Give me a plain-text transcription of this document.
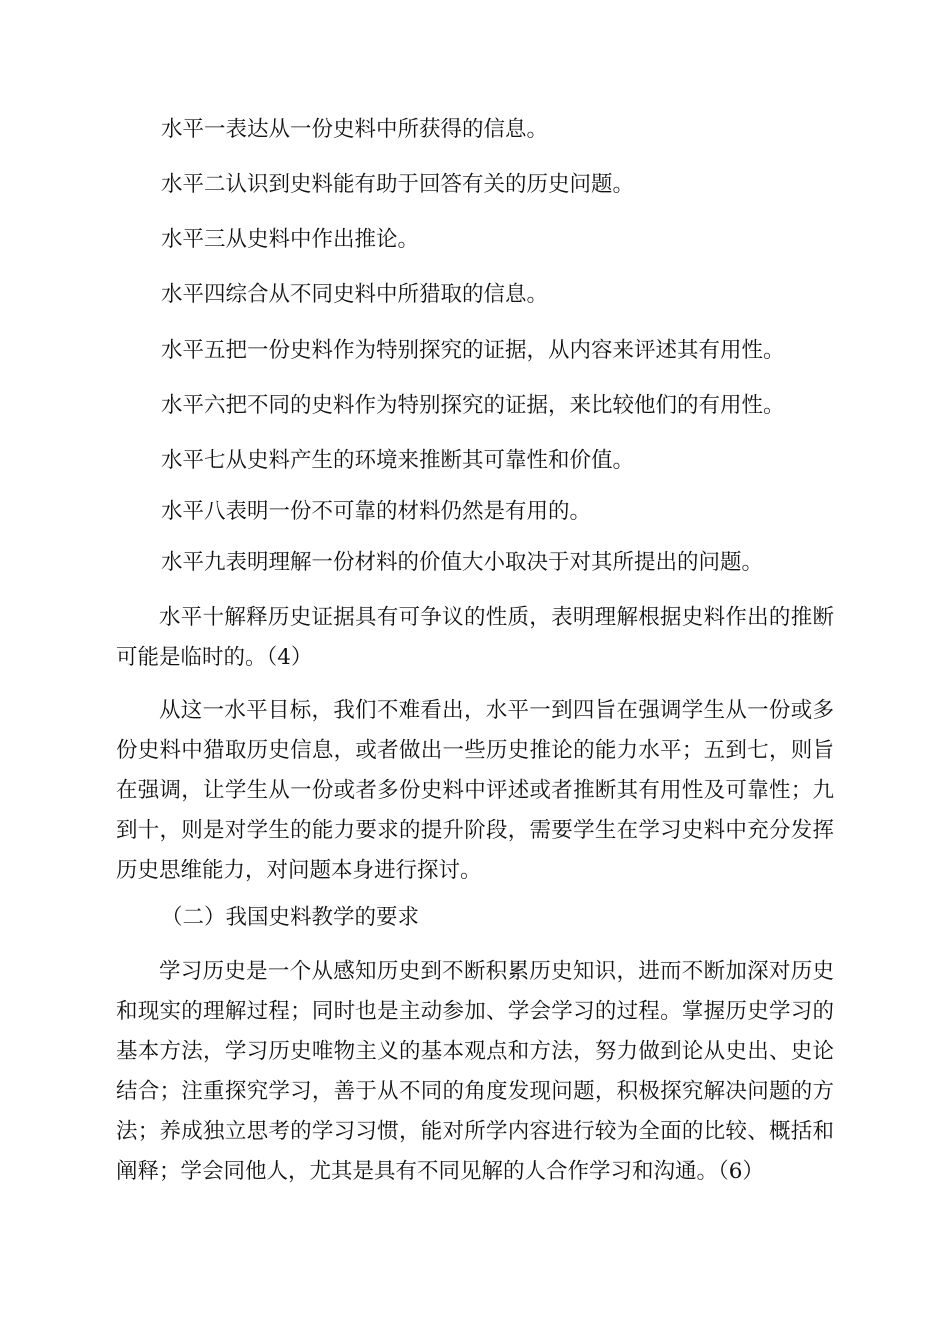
水平一表达从一份史料中所获得的信息。

水平二认识到史料能有助于回答有关的历史问题。

水平三从史料中作出推论。

水平四综合从不同史料中所猎取的信息。

水平五把一份史料作为特别探究的证据，从内容来评述其有用性。

水平六把不同的史料作为特别探究的证据，来比较他们的有用性。

水平七从史料产生的环境来推断其可靠性和价值。

水平八表明一份不可靠的材料仍然是有用的。

水平九表明理解一份材料的价值大小取决于对其所提出的问题。

水平十解释历史证据具有可争议的性质，表明理解根据史料作出的推断可能是临时的。（4）

从这一水平目标，我们不难看出，水平一到四旨在强调学生从一份或多份史料中猎取历史信息，或者做出一些历史推论的能力水平；五到七，则旨在强调，让学生从一份或者多份史料中评述或者推断其有用性及可靠性；九到十，则是对学生的能力要求的提升阶段，需要学生在学习史料中充分发挥历史思维能力，对问题本身进行探讨。

（二）我国史料教学的要求

学习历史是一个从感知历史到不断积累历史知识，进而不断加深对历史和现实的理解过程；同时也是主动参加、学会学习的过程。掌握历史学习的基本方法，学习历史唯物主义的基本观点和方法，努力做到论从史出、史论结合；注重探究学习，善于从不同的角度发现问题，积极探究解决问题的方法；养成独立思考的学习习惯，能对所学内容进行较为全面的比较、概括和阐释；学会同他人，尤其是具有不同见解的人合作学习和沟通。（6）
